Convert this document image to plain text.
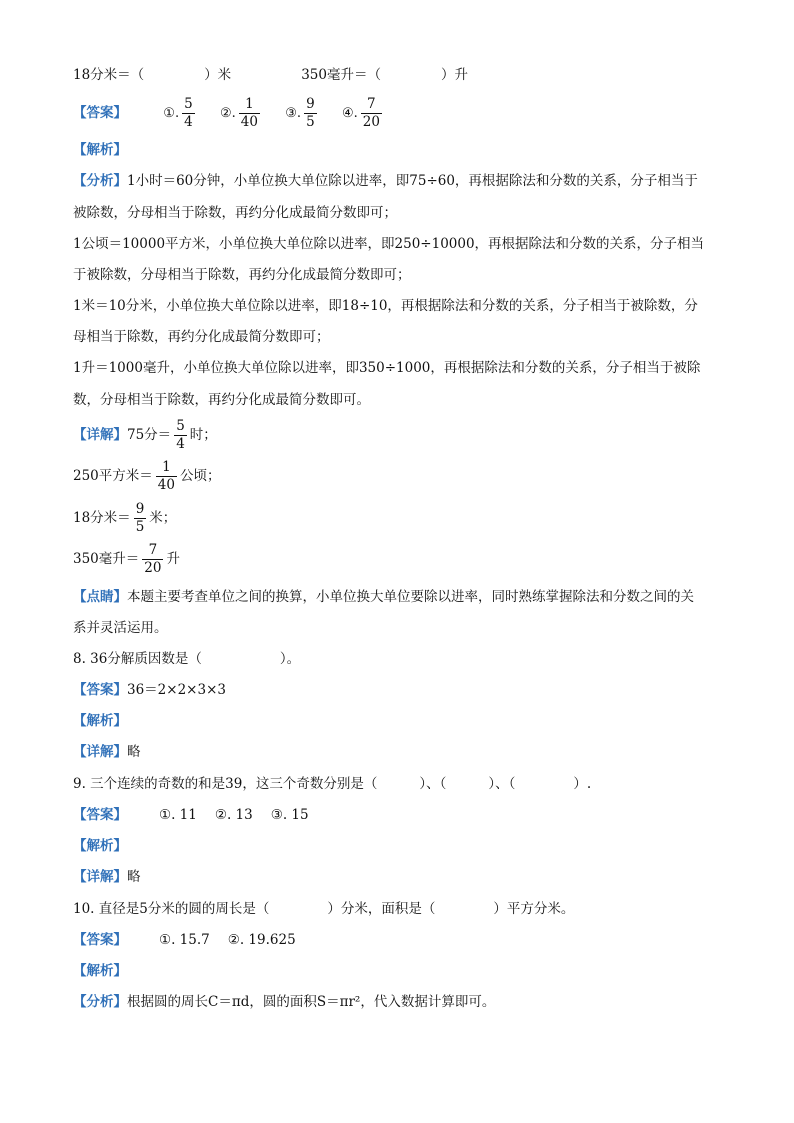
18分米＝（	）米	350毫升＝（	）升
【答案】	①. $\frac{5}{4}$ ②. $\frac{1}{40}$ ③. $\frac{9}{5}$ ④. $\frac{7}{20}$
【解析】
【分析】1小时＝60分钟，小单位换大单位除以进率，即75÷60，再根据除法和分数的关系，分子相当于
被除数，分母相当于除数，再约分化成最简分数即可；
1公顷＝10000平方米，小单位换大单位除以进率，即250÷10000，再根据除法和分数的关系，分子相当
于被除数，分母相当于除数，再约分化成最简分数即可；
1米＝10分米，小单位换大单位除以进率，即18÷10，再根据除法和分数的关系，分子相当于被除数，分
母相当于除数，再约分化成最简分数即可；
1升＝1000毫升，小单位换大单位除以进率，即350÷1000，再根据除法和分数的关系，分子相当于被除
数，分母相当于除数，再约分化成最简分数即可。
【详解】75分＝ $\frac{5}{4}$ 时；
250平方米＝ $\frac{1}{40}$ 公顷；
18分米＝ $\frac{9}{5}$ 米；
350毫升＝ $\frac{7}{20}$ 升
【点睛】本题主要考查单位之间的换算，小单位换大单位要除以进率，同时熟练掌握除法和分数之间的关
系并灵活运用。
8. 36分解质因数是（	）。
【答案】36＝2×2×3×3
【解析】
【详解】略
9. 三个连续的奇数的和是39，这三个奇数分别是（	）、（	）、（	）.
【答案】 ①. 11 ②. 13 ③. 15
【解析】
【详解】略
10. 直径是5分米的圆的周长是（	）分米，面积是（	）平方分米。
【答案】 ①. 15.7 ②. 19.625
【解析】
【分析】根据圆的周长C＝πd，圆的面积S＝πr²，代入数据计算即可。
